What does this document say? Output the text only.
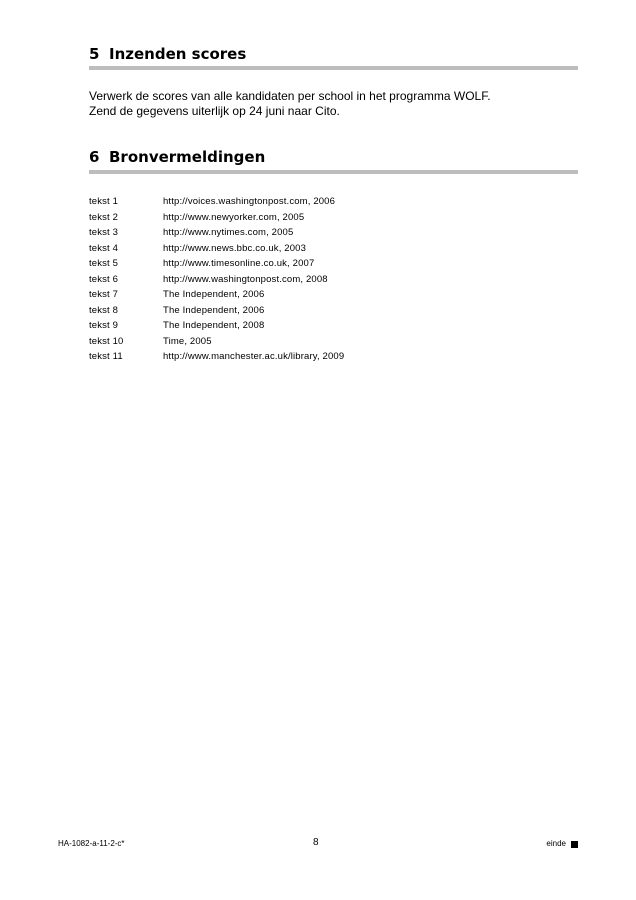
5 Inzenden scores

Verwerk de scores van alle kandidaten per school in het programma WOLF.

Zend de gegevens uiterlijk op 24 juni naar Cito.

6 Bronvermeldingen
tekst 1	http://voices.washingtonpost.com, 2006
tekst 2	http://www.newyorker.com, 2005
tekst 3	http://www.nytimes.com, 2005
tekst 4	http://www.news.bbc.co.uk, 2003
tekst 5	http://www.timesonline.co.uk, 2007
tekst 6	http://www.washingtonpost.com, 2008
tekst 7	The Independent, 2006
tekst 8	The Independent, 2006
tekst 9	The Independent, 2008
tekst 10	Time, 2005
tekst 11	http://www.manchester.ac.uk/library, 2009
HA-1082-a-11-2-c*	8	einde
